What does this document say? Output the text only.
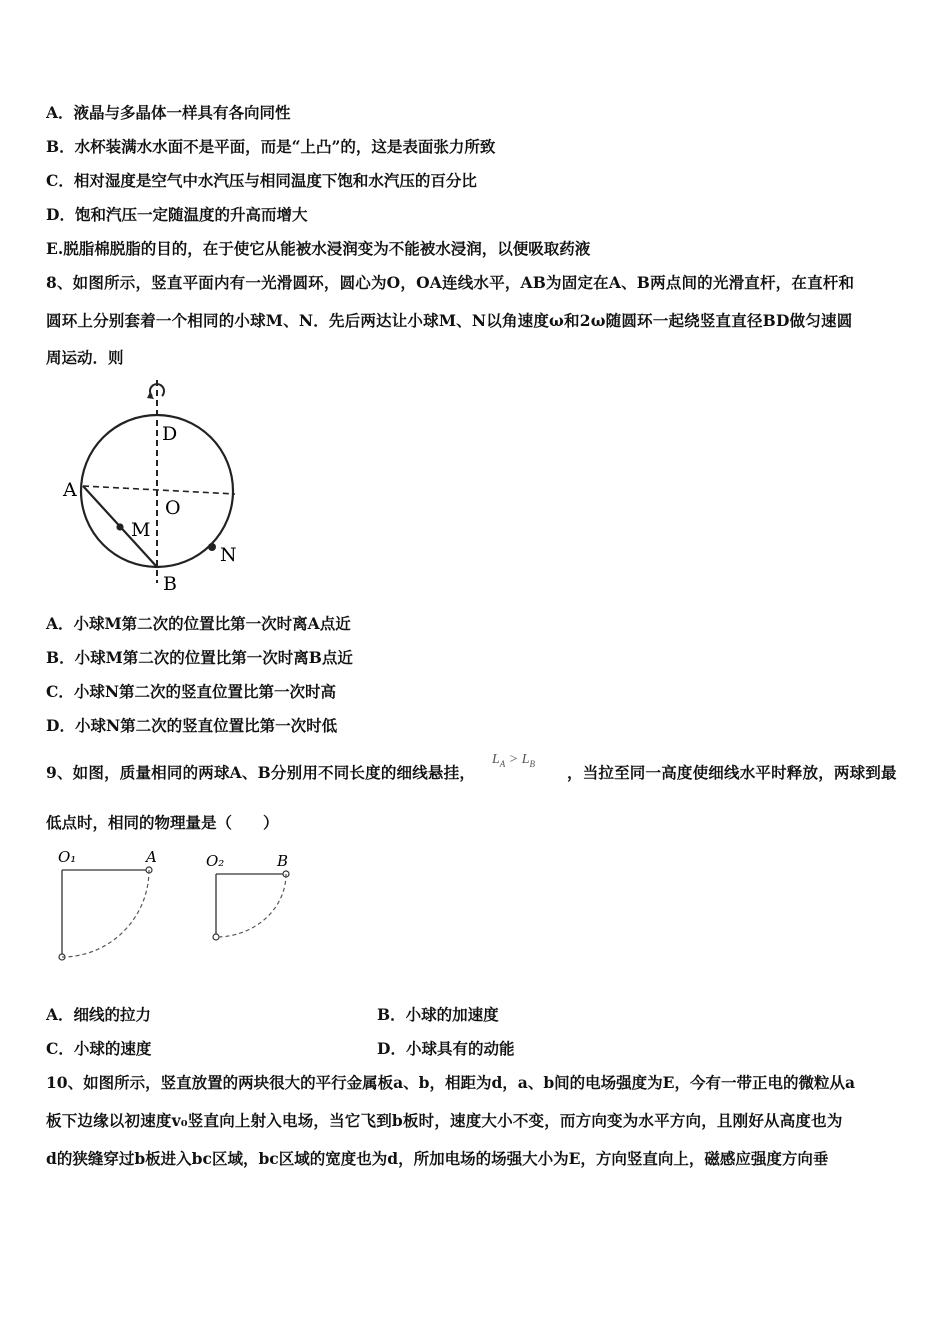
A．液晶与多晶体一样具有各向同性
B．水杯装满水水面不是平面，而是“上凸”的，这是表面张力所致
C．相对湿度是空气中水汽压与相同温度下饱和水汽压的百分比
D．饱和汽压一定随温度的升高而增大
E.脱脂棉脱脂的目的，在于使它从能被水浸润变为不能被水浸润，以便吸取药液
8、如图所示，竖直平面内有一光滑圆环，圆心为O，OA连线水平，AB为固定在A、B两点间的光滑直杆，在直杆和
圆环上分别套着一个相同的小球M、N．先后两达让小球M、N以角速度ω和2ω随圆环一起绕竖直直径BD做匀速圆
周运动．则
D
A
O
M
N
B
A．小球M第二次的位置比第一次时离A点近
B．小球M第二次的位置比第一次时离B点近
C．小球N第二次的竖直位置比第一次时高
D．小球N第二次的竖直位置比第一次时低
9、如图，质量相同的两球A、B分别用不同长度的细线悬挂，
$L_A > L_B$ ，当拉至同一高度使细线水平时释放，两球到最
低点时，相同的物理量是（　　）
O₁	A	O₂	B
A．细线的拉力	B．小球的加速度
C．小球的速度	D．小球具有的动能
10、如图所示，竖直放置的两块很大的平行金属板a、b，相距为d，a、b间的电场强度为E，今有一带正电的微粒从a
板下边缘以初速度v₀竖直向上射入电场，当它飞到b板时，速度大小不变，而方向变为水平方向，且刚好从高度也为
d的狭缝穿过b板进入bc区域，bc区域的宽度也为d，所加电场的场强大小为E，方向竖直向上，磁感应强度方向垂
